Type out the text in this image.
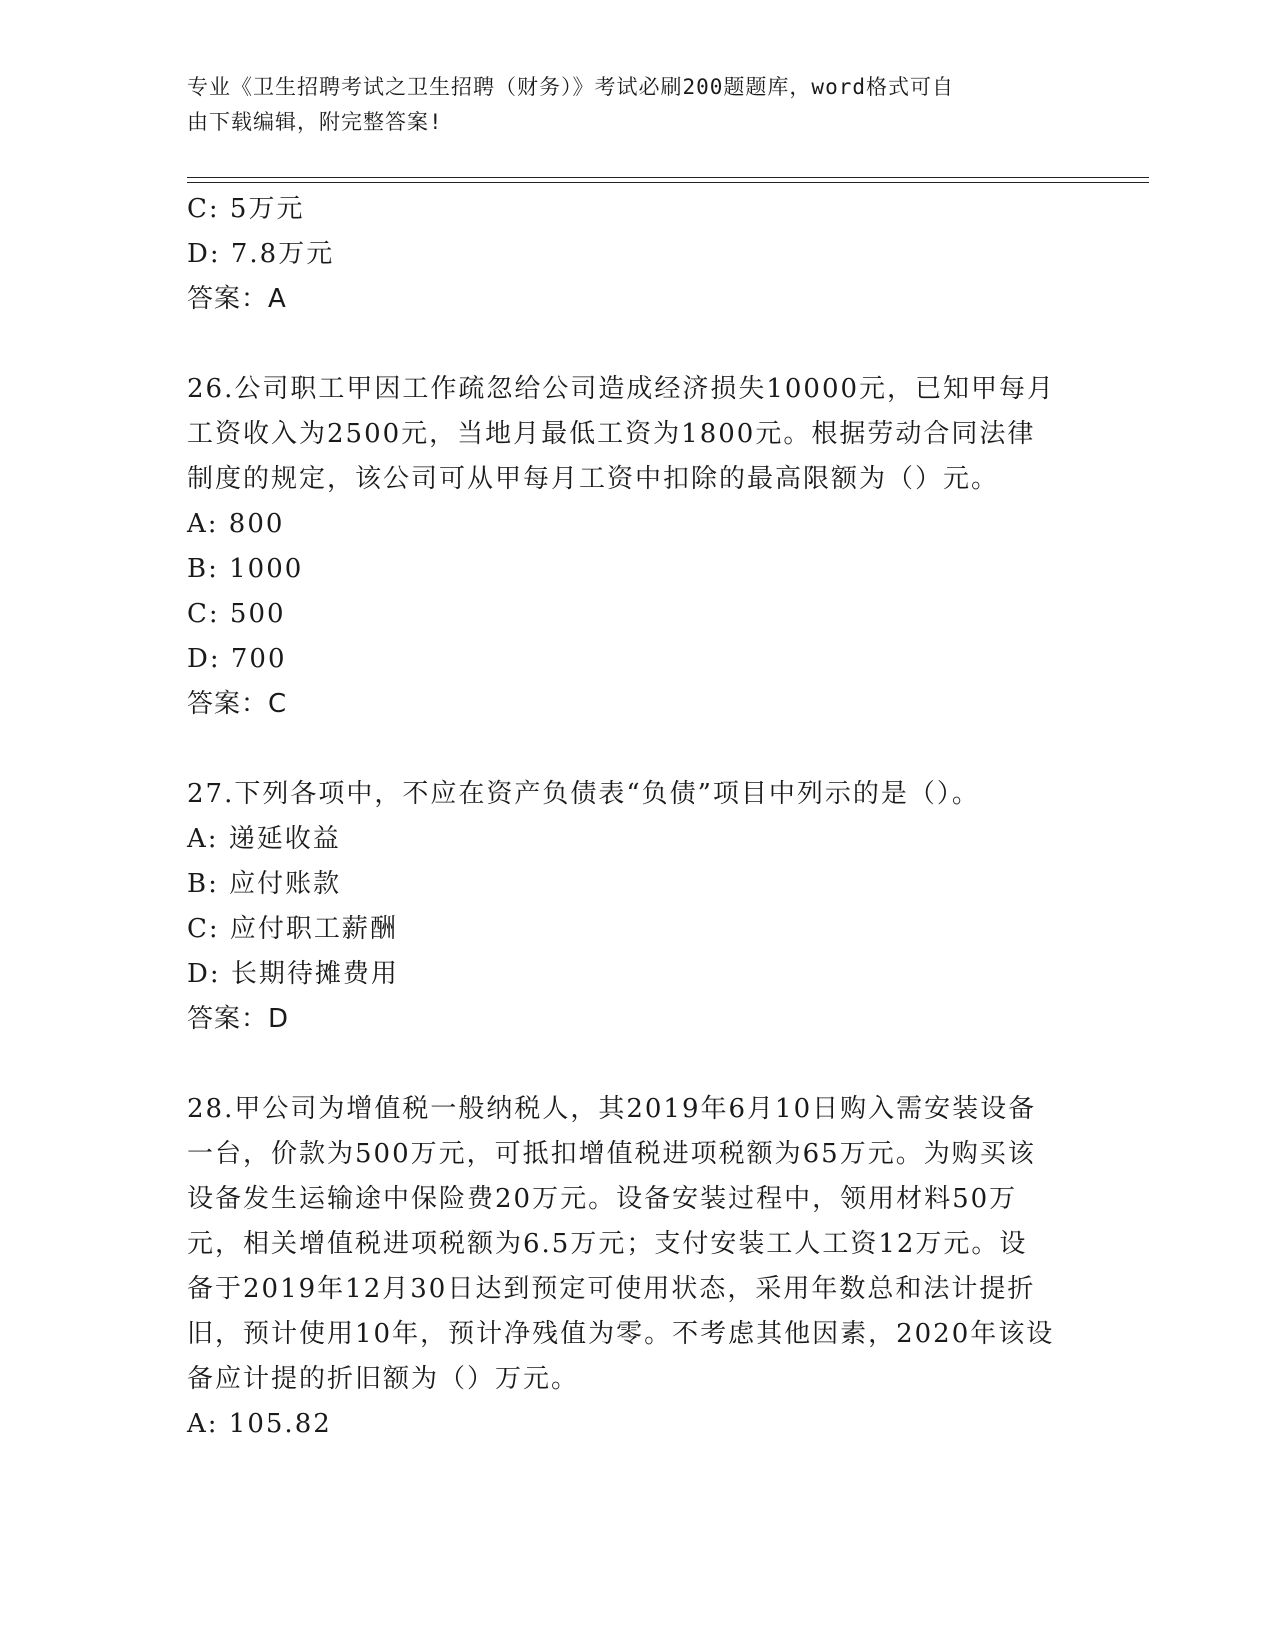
专业《卫生招聘考试之卫生招聘（财务）》考试必刷200题题库，word格式可自
由下载编辑，附完整答案!
C: 5万元
D: 7.8万元
答案：A
26.公司职工甲因工作疏忽给公司造成经济损失10000元，已知甲每月
工资收入为2500元，当地月最低工资为1800元。根据劳动合同法律
制度的规定，该公司可从甲每月工资中扣除的最高限额为（）元。
A: 800
B: 1000
C: 500
D: 700
答案：C
27.下列各项中，不应在资产负债表“负债”项目中列示的是（）。
A: 递延收益
B: 应付账款
C: 应付职工薪酬
D: 长期待摊费用
答案：D
28.甲公司为增值税一般纳税人，其2019年6月10日购入需安装设备
一台，价款为500万元，可抵扣增值税进项税额为65万元。为购买该
设备发生运输途中保险费20万元。设备安装过程中，领用材料50万
元，相关增值税进项税额为6.5万元；支付安装工人工资12万元。设
备于2019年12月30日达到预定可使用状态，采用年数总和法计提折
旧，预计使用10年，预计净残值为零。不考虑其他因素，2020年该设
备应计提的折旧额为（）万元。
A: 105.82
